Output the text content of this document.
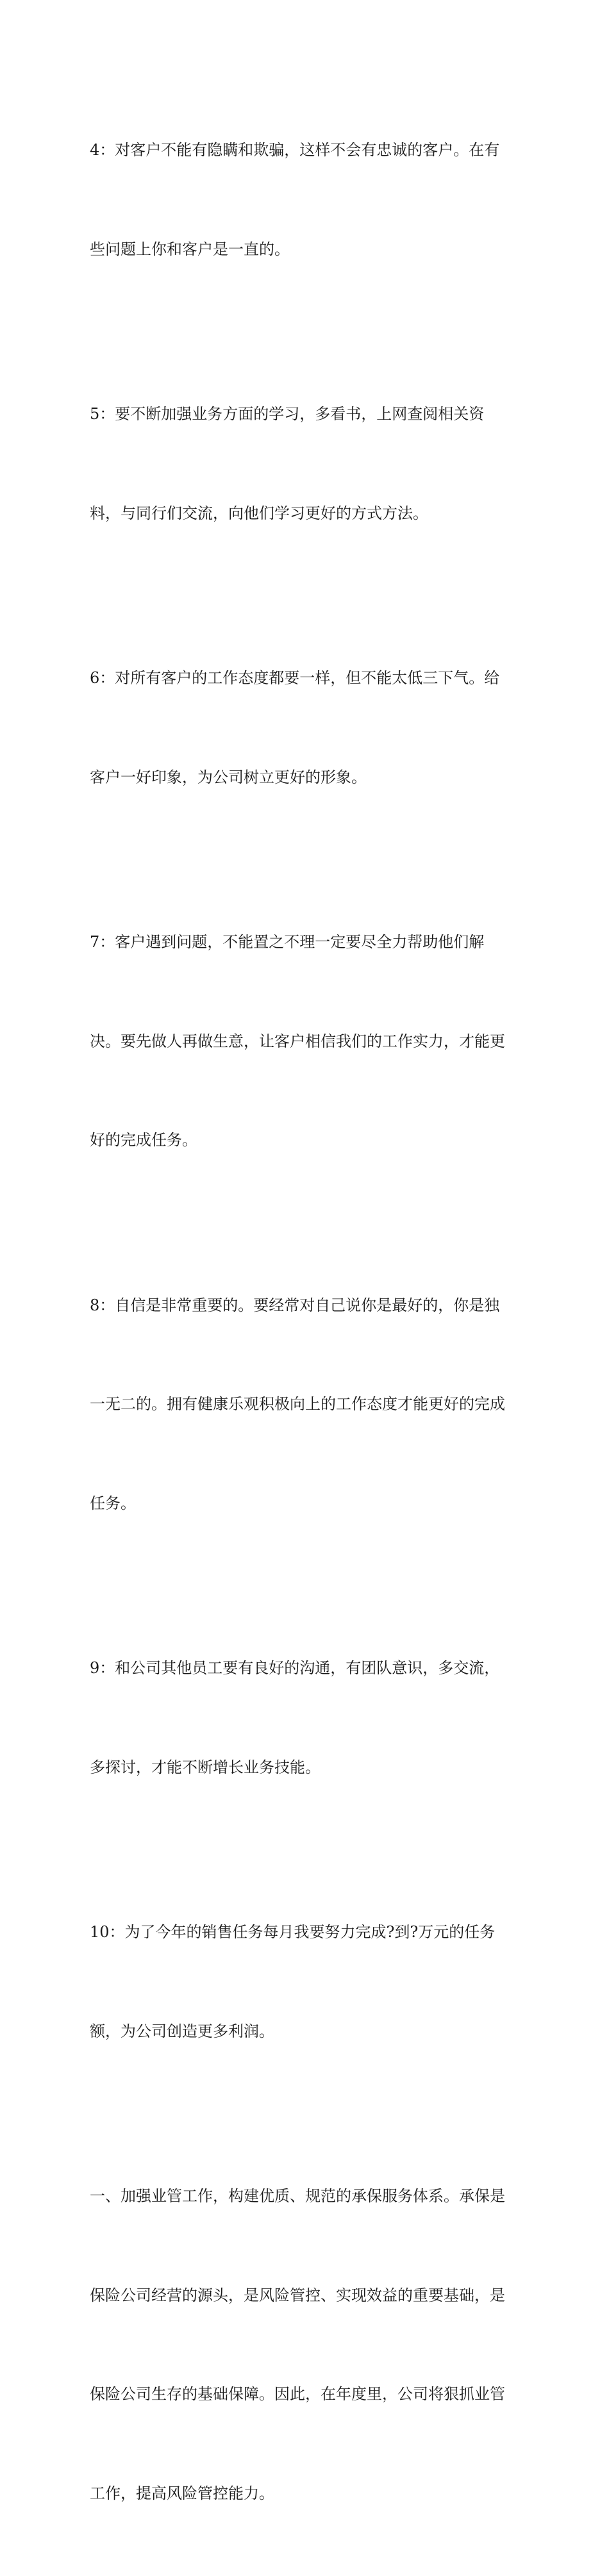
4：对客户不能有隐瞒和欺骗，这样不会有忠诚的客户。在有

些问题上你和客户是一直的。

5：要不断加强业务方面的学习，多看书，上网查阅相关资

料，与同行们交流，向他们学习更好的方式方法。

6：对所有客户的工作态度都要一样，但不能太低三下气。给

客户一好印象，为公司树立更好的形象。

7：客户遇到问题，不能置之不理一定要尽全力帮助他们解

决。要先做人再做生意，让客户相信我们的工作实力，才能更

好的完成任务。

8：自信是非常重要的。要经常对自己说你是最好的，你是独

一无二的。拥有健康乐观积极向上的工作态度才能更好的完成

任务。

9：和公司其他员工要有良好的沟通，有团队意识，多交流，

多探讨，才能不断增长业务技能。

10：为了今年的销售任务每月我要努力完成?到?万元的任务

额，为公司创造更多利润。

一、加强业管工作，构建优质、规范的承保服务体系。承保是

保险公司经营的源头，是风险管控、实现效益的重要基础，是

保险公司生存的基础保障。因此，在年度里，公司将狠抓业管

工作，提高风险管控能力。
